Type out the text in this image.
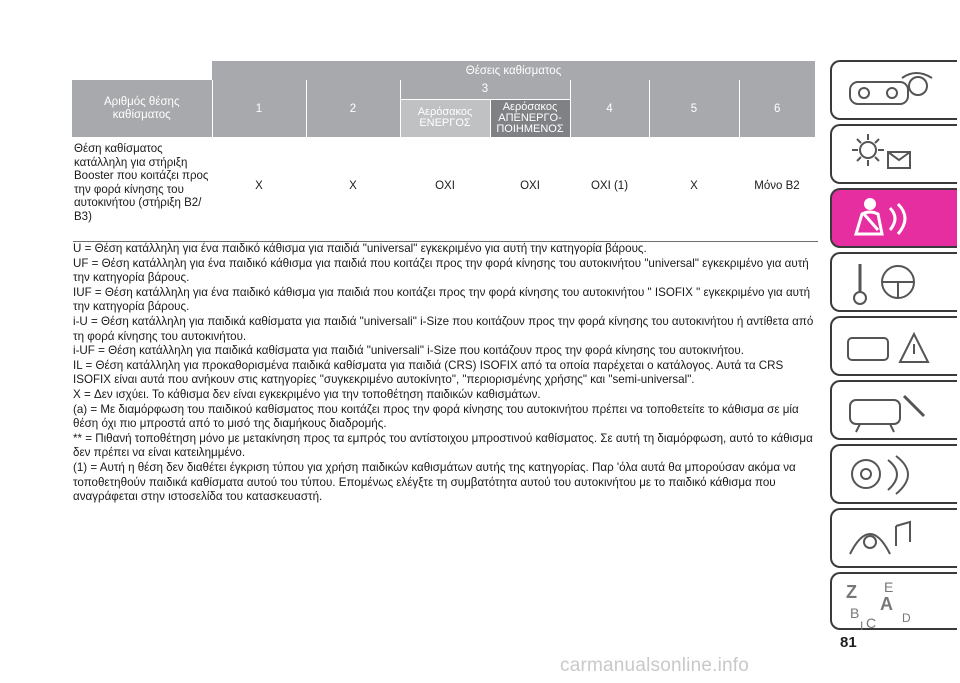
	Θέσεις καθίσματος						
Αριθμός θέσης καθίσματος	1	2	3		4	5	6
			Αερόσακος ΕΝΕΡΓΟΣ	Αερόσακος ΑΠΕΝΕΡΓΟ-ΠΟΙΗΜΕΝΟΣ			
Θέση καθίσματος κατάλληλη για στήριξη Booster που κοιτάζει προς την φορά κίνησης του αυτοκινήτου (στήριξη Β2/Β3)	X	X	OXI	OXI	OXI (1)	X	Μόνο Β2
U = Θέση κατάλληλη για ένα παιδικό κάθισμα για παιδιά "universal" εγκεκριμένο για αυτή την κατηγορία βάρους.
UF = Θέση κατάλληλη για ένα παιδικό κάθισμα για παιδιά που κοιτάζει προς την φορά κίνησης του αυτοκινήτου "universal" εγκεκριμένο για αυτή την κατηγορία βάρους.
IUF = Θέση κατάλληλη για ένα παιδικό κάθισμα για παιδιά που κοιτάζει προς την φορά κίνησης του αυτοκινήτου " ISOFIX " εγκεκριμένο για αυτή την κατηγορία βάρους.
i-U = Θέση κατάλληλη για παιδικά καθίσματα για παιδιά "universali" i-Size που κοιτάζουν προς την φορά κίνησης του αυτοκινήτου ή αντίθετα από τη φορά κίνησης του αυτοκινήτου.
i-UF = Θέση κατάλληλη για παιδικά καθίσματα για παιδιά "universali" i-Size που κοιτάζουν προς την φορά κίνησης του αυτοκινήτου.
IL = Θέση κατάλληλη για προκαθορισμένα παιδικά καθίσματα για παιδιά (CRS) ISOFIX από τα οποία παρέχεται ο κατάλογος. Αυτά τα CRS ISOFIX είναι αυτά που ανήκουν στις κατηγορίες "συγκεκριμένο αυτοκίνητο", "περιορισμένης χρήσης" και "semi-universal".
X = Δεν ισχύει. Το κάθισμα δεν είναι εγκεκριμένο για την τοποθέτηση παιδικών καθισμάτων.
(a) = Με διαμόρφωση του παιδικού καθίσματος που κοιτάζει προς την φορά κίνησης του αυτοκινήτου πρέπει να τοποθετείτε το κάθισμα σε μία θέση όχι πιο μπροστά από το μισό της διαμήκους διαδρομής.
** = Πιθανή τοποθέτηση μόνο με μετακίνηση προς τα εμπρός του αντίστοιχου μπροστινού καθίσματος. Σε αυτή τη διαμόρφωση, αυτό το κάθισμα δεν πρέπει να είναι κατειλημμένο.
(1) = Αυτή η θέση δεν διαθέτει έγκριση τύπου για χρήση παιδικών καθισμάτων αυτής της κατηγορίας. Παρ 'όλα αυτά θα μπορούσαν ακόμα να τοποθετηθούν παιδικά καθίσματα αυτού του τύπου. Επομένως ελέγξτε τη συμβατότητα αυτού του αυτοκινήτου με το παιδικό κάθισμα που αναγράφεται στην ιστοσελίδα του κατασκευαστή.
81
Z E
B A
C D
I
carmanualsonline.info
